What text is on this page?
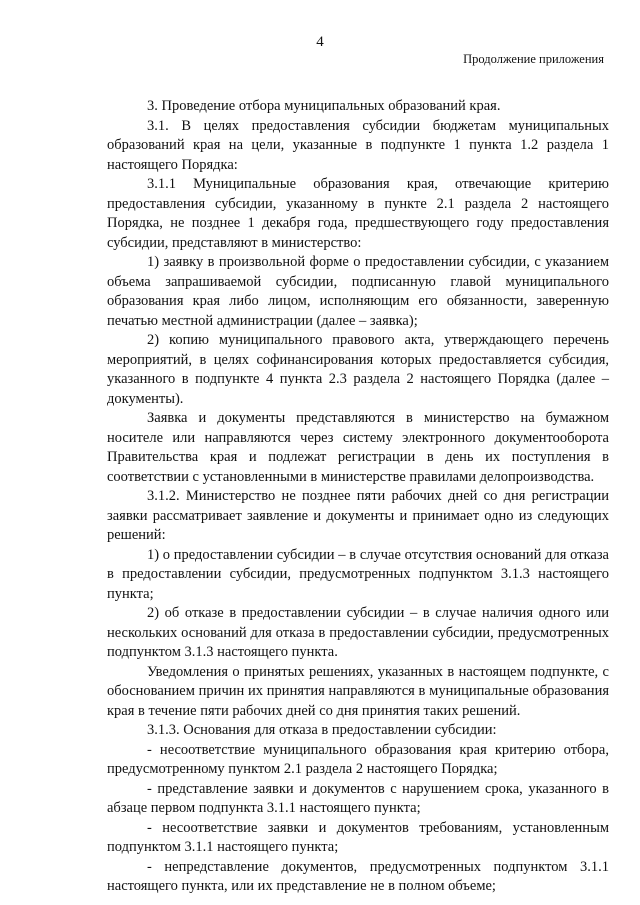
4
Продолжение приложения

3. Проведение отбора муниципальных образований края.

3.1. В целях предоставления субсидии бюджетам муниципальных образований края на цели, указанные в подпункте 1 пункта 1.2 раздела 1 настоящего Порядка:

3.1.1 Муниципальные образования края, отвечающие критерию предоставления субсидии, указанному в пункте 2.1 раздела 2 настоящего Порядка, не позднее 1 декабря года, предшествующего году предоставления субсидии, представляют в министерство:

1) заявку в произвольной форме о предоставлении субсидии, с указанием объема запрашиваемой субсидии, подписанную главой муниципального образования края либо лицом, исполняющим его обязанности, заверенную печатью местной администрации (далее – заявка);

2) копию муниципального правового акта, утверждающего перечень мероприятий, в целях софинансирования которых предоставляется субсидия, указанного в подпункте 4 пункта 2.3 раздела 2 настоящего Порядка (далее – документы).

Заявка и документы представляются в министерство на бумажном носителе или направляются через систему электронного документооборота Правительства края и подлежат регистрации в день их поступления в соответствии с установленными в министерстве правилами делопроизводства.

3.1.2. Министерство не позднее пяти рабочих дней со дня регистрации заявки рассматривает заявление и документы и принимает одно из следующих решений:

1) о предоставлении субсидии – в случае отсутствия оснований для отказа в предоставлении субсидии, предусмотренных подпунктом 3.1.3 настоящего пункта;

2) об отказе в предоставлении субсидии – в случае наличия одного или нескольких оснований для отказа в предоставлении субсидии, предусмотренных подпунктом 3.1.3 настоящего пункта.

Уведомления о принятых решениях, указанных в настоящем подпункте, с обоснованием причин их принятия направляются в муниципальные образования края в течение пяти рабочих дней со дня принятия таких решений.

3.1.3. Основания для отказа в предоставлении субсидии:

- несоответствие муниципального образования края критерию отбора, предусмотренному пунктом 2.1 раздела 2 настоящего Порядка;

- представление заявки и документов с нарушением срока, указанного в абзаце первом подпункта 3.1.1 настоящего пункта;

- несоответствие заявки и документов требованиям, установленным подпунктом 3.1.1 настоящего пункта;

- непредставление документов, предусмотренных подпунктом 3.1.1 настоящего пункта, или их представление не в полном объеме;
